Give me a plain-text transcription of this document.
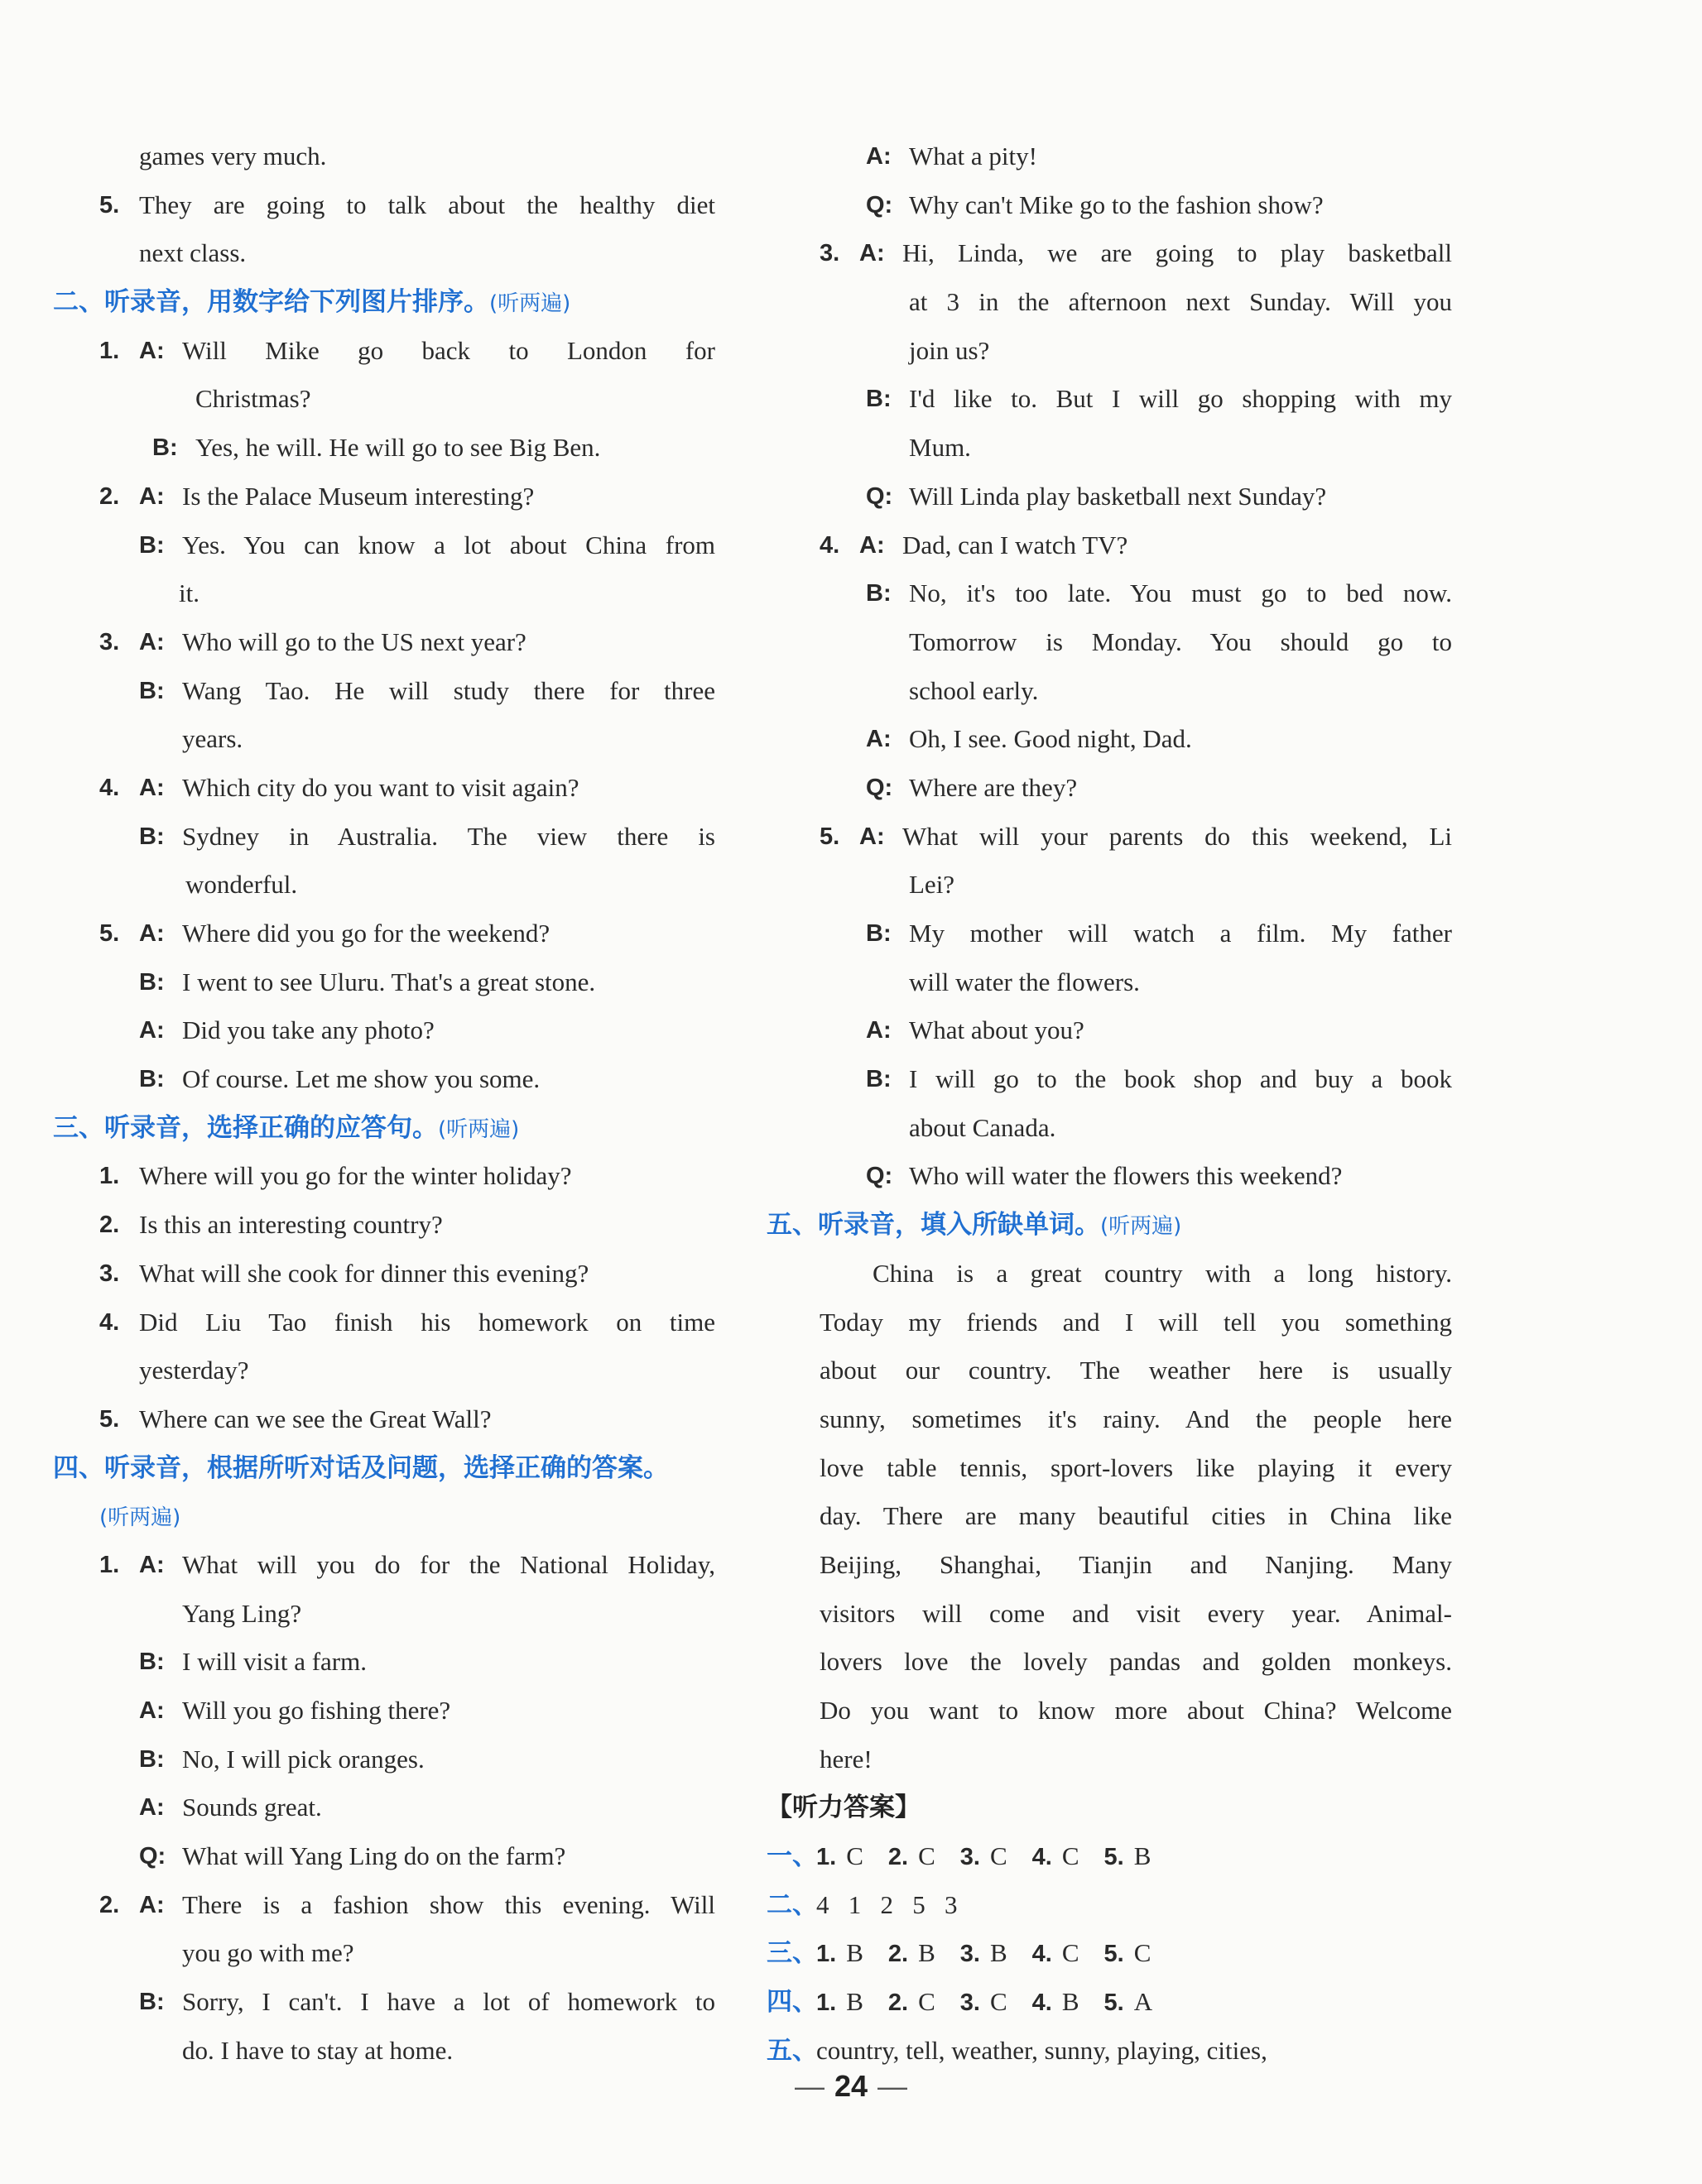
games very much.
5. They are going to talk about the healthy diet
next class.
二、听录音，用数字给下列图片排序。(听两遍)
1. A: Will Mike go back to London for
Christmas?
B: Yes, he will. He will go to see Big Ben.
2. A: Is the Palace Museum interesting?
B: Yes. You can know a lot about China from
it.
3. A: Who will go to the US next year?
B: Wang Tao. He will study there for three
years.
4. A: Which city do you want to visit again?
B: Sydney in Australia. The view there is
wonderful.
5. A: Where did you go for the weekend?
B: I went to see Uluru. That's a great stone.
A: Did you take any photo?
B: Of course. Let me show you some.
三、听录音，选择正确的应答句。(听两遍)
1. Where will you go for the winter holiday?
2. Is this an interesting country?
3. What will she cook for dinner this evening?
4. Did Liu Tao finish his homework on time
yesterday?
5. Where can we see the Great Wall?
四、听录音，根据所听对话及问题，选择正确的答案。
(听两遍)
1. A: What will you do for the National Holiday,
Yang Ling?
B: I will visit a farm.
A: Will you go fishing there?
B: No, I will pick oranges.
A: Sounds great.
Q: What will Yang Ling do on the farm?
2. A: There is a fashion show this evening. Will
you go with me?
B: Sorry, I can't. I have a lot of homework to
do. I have to stay at home.
A: What a pity!
Q: Why can't Mike go to the fashion show?
3. A: Hi, Linda, we are going to play basketball
at 3 in the afternoon next Sunday. Will you
join us?
B: I'd like to. But I will go shopping with my
Mum.
Q: Will Linda play basketball next Sunday?
4. A: Dad, can I watch TV?
B: No, it's too late. You must go to bed now.
Tomorrow is Monday. You should go to
school early.
A: Oh, I see. Good night, Dad.
Q: Where are they?
5. A: What will your parents do this weekend, Li
Lei?
B: My mother will watch a film. My father
will water the flowers.
A: What about you?
B: I will go to the book shop and buy a book
about Canada.
Q: Who will water the flowers this weekend?
五、听录音，填入所缺单词。(听两遍)
China is a great country with a long history.
Today my friends and I will tell you something
about our country. The weather here is usually
sunny, sometimes it's rainy. And the people here
love table tennis, sport-lovers like playing it every
day. There are many beautiful cities in China like
Beijing, Shanghai, Tianjin and Nanjing. Many
visitors will come and visit every year. Animal-
lovers love the lovely pandas and golden monkeys.
Do you want to know more about China? Welcome
here!
【听力答案】
一、
1. C 2. C 3. C 4. C 5. B
二、
4   1   2   5   3
三、
1. B 2. B 3. B 4. C 5. C
四、
1. B 2. C 3. C 4. B 5. A
五、
country, tell, weather, sunny, playing, cities,
— 24 —
